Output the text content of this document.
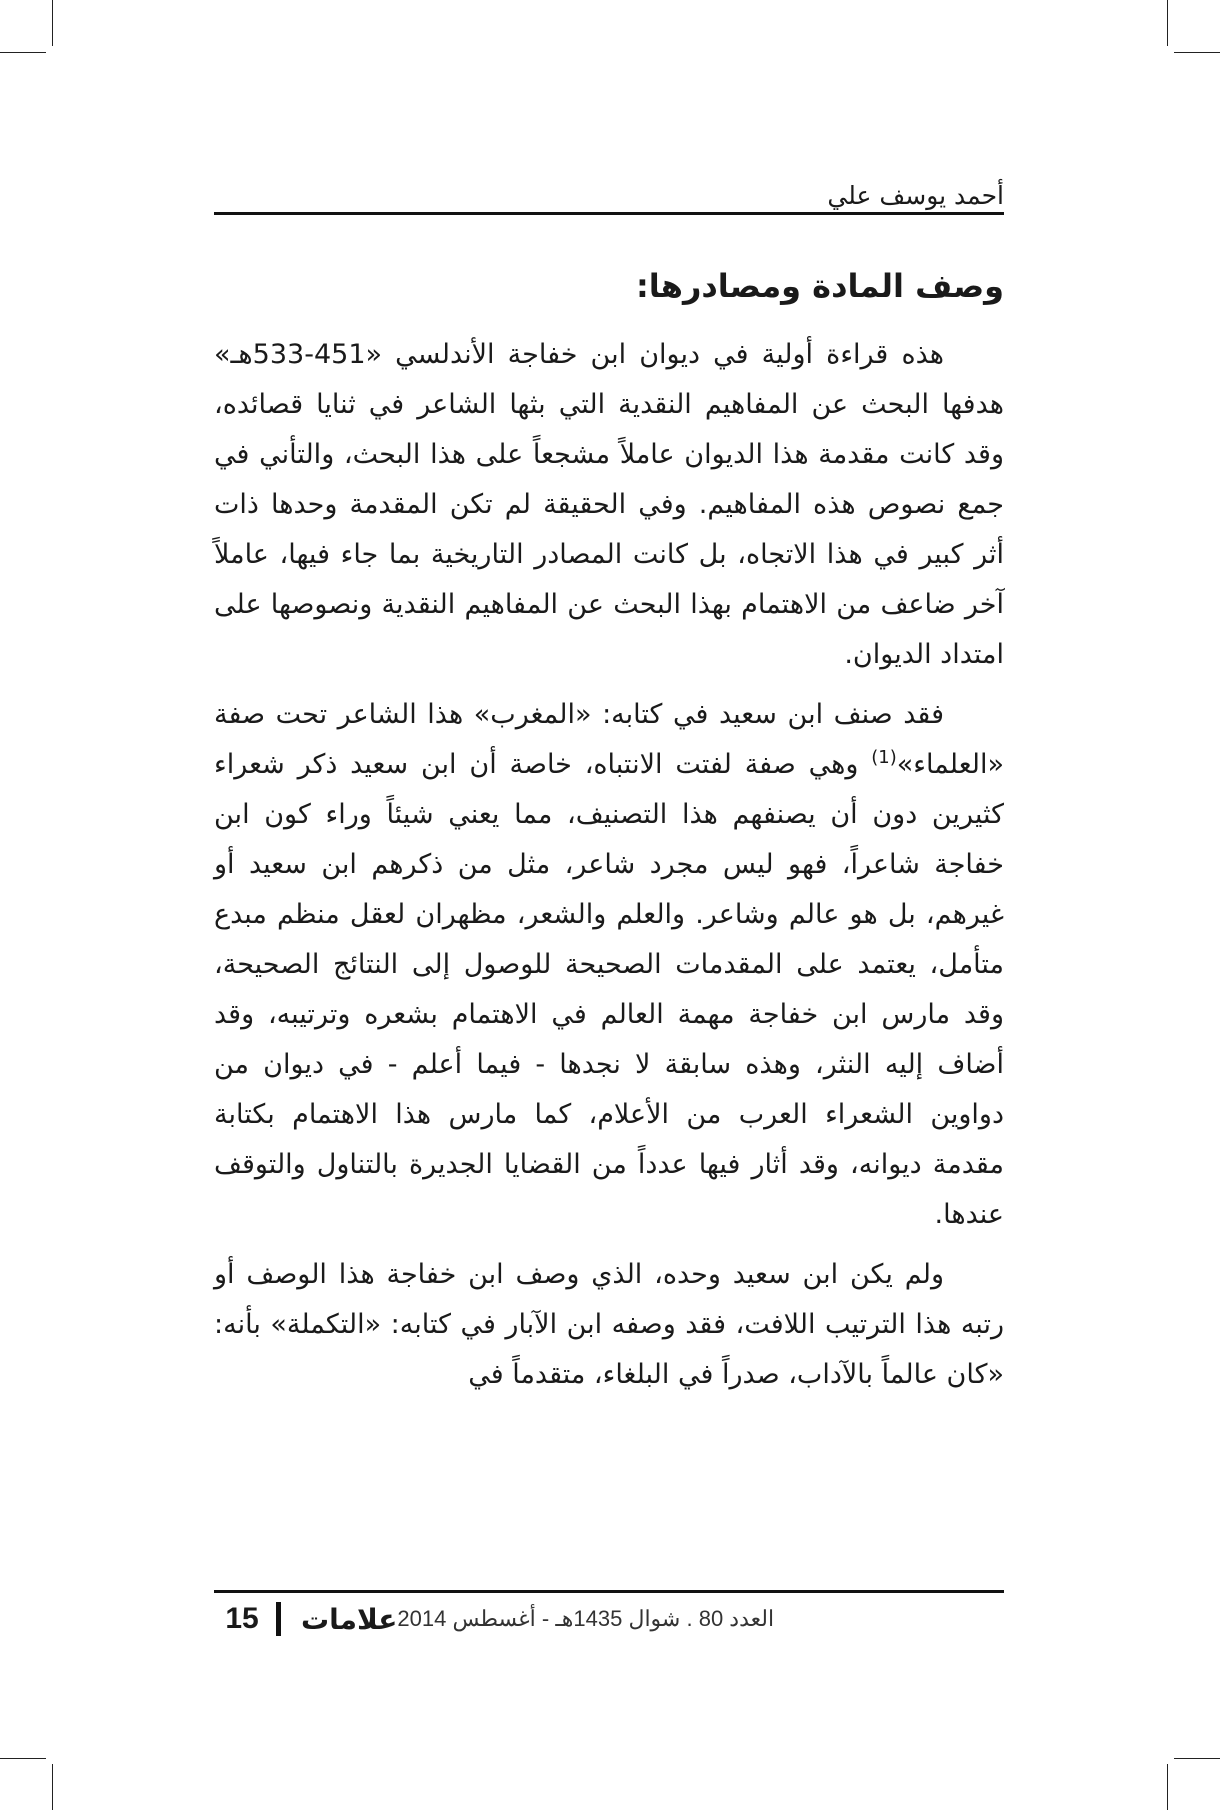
أحمد يوسف علي
وصف المادة ومصادرها:

هذه قراءة أولية في ديوان ابن خفاجة الأندلسي «451-533هـ» هدفها البحث عن المفاهيم النقدية التي بثها الشاعر في ثنايا قصائده، وقد كانت مقدمة هذا الديوان عاملاً مشجعاً على هذا البحث، والتأني في جمع نصوص هذه المفاهيم. وفي الحقيقة لم تكن المقدمة وحدها ذات أثر كبير في هذا الاتجاه، بل كانت المصادر التاريخية بما جاء فيها، عاملاً آخر ضاعف من الاهتمام بهذا البحث عن المفاهيم النقدية ونصوصها على امتداد الديوان.

فقد صنف ابن سعيد في كتابه: «المغرب» هذا الشاعر تحت صفة «العلماء»$^{(1)}$ وهي صفة لفتت الانتباه، خاصة أن ابن سعيد ذكر شعراء كثيرين دون أن يصنفهم هذا التصنيف، مما يعني شيئاً وراء كون ابن خفاجة شاعراً، فهو ليس مجرد شاعر، مثل من ذكرهم ابن سعيد أو غيرهم، بل هو عالم وشاعر. والعلم والشعر، مظهران لعقل منظم مبدع متأمل، يعتمد على المقدمات الصحيحة للوصول إلى النتائج الصحيحة، وقد مارس ابن خفاجة مهمة العالم في الاهتمام بشعره وترتيبه، وقد أضاف إليه النثر، وهذه سابقة لا نجدها - فيما أعلم - في ديوان من دواوين الشعراء العرب من الأعلام، كما مارس هذا الاهتمام بكتابة مقدمة ديوانه، وقد أثار فيها عدداً من القضايا الجديرة بالتناول والتوقف عندها.

ولم يكن ابن سعيد وحده، الذي وصف ابن خفاجة هذا الوصف أو رتبه هذا الترتيب اللافت، فقد وصفه ابن الآبار في كتابه: «التكملة» بأنه: «كان عالماً بالآداب، صدراً في البلغاء، متقدماً في

15	علامات العدد 80 . شوال 1435هـ - أغسطس 2014
